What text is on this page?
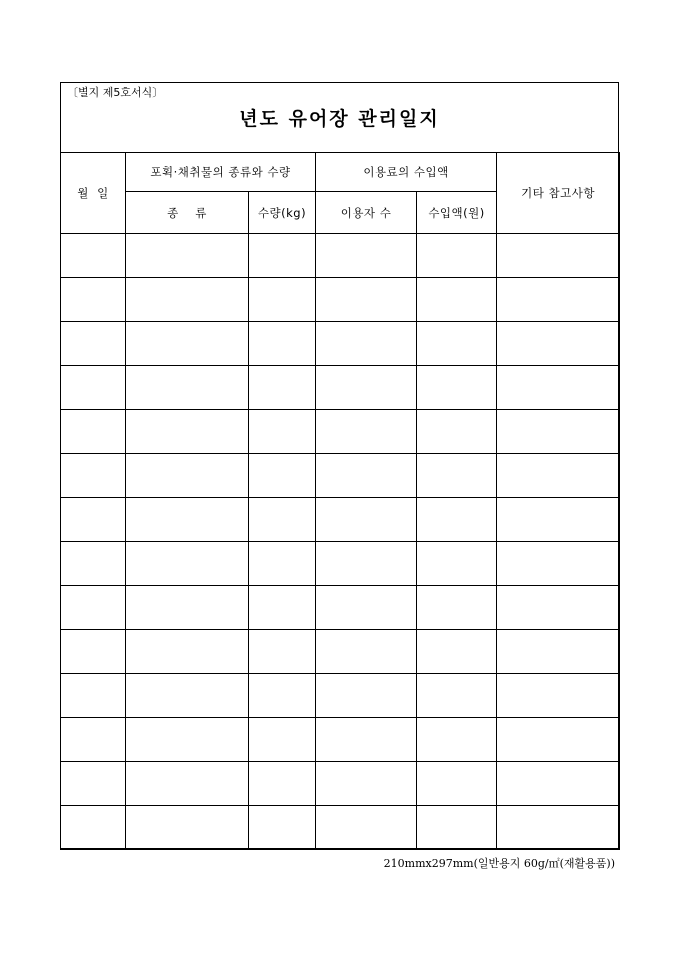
〔별지 제5호서식〕
년도 유어장 관리일지
월  일	포획·채취물의 종류와 수량		이용료의 수입액		기타 참고사항
	종    류	수량(kg)	이용자 수	수입액(원)	

210mmx297mm(일반용지 60g/㎡(재활용품))
